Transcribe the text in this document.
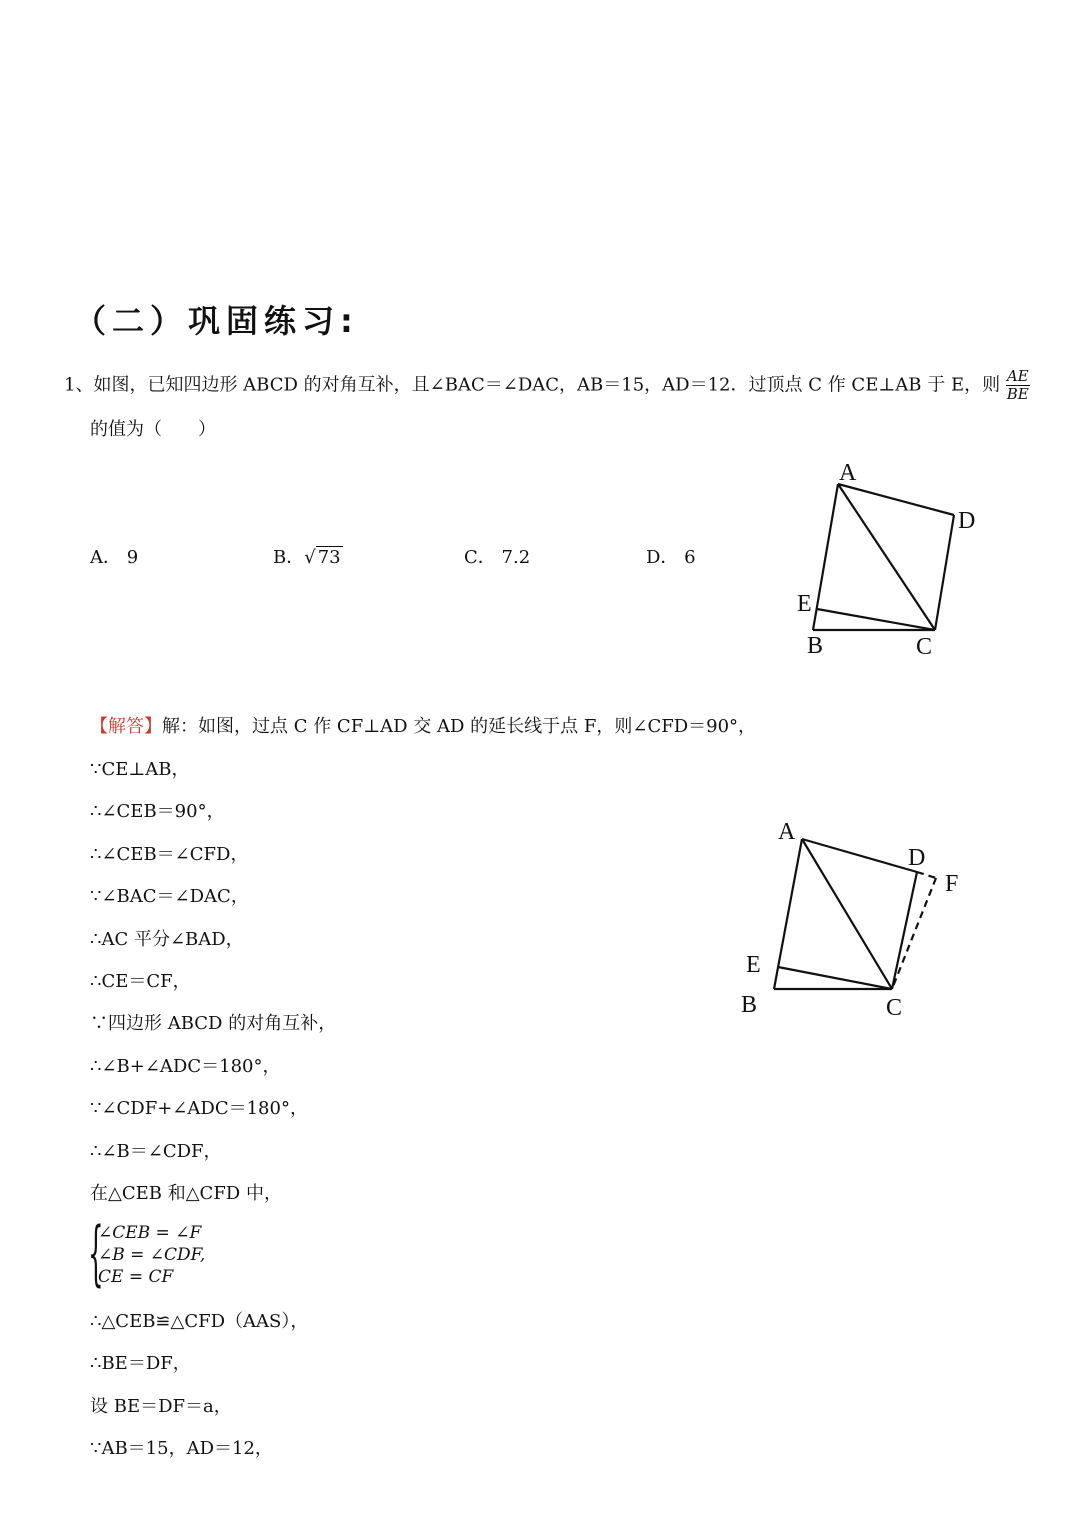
（二）巩固练习:
1、如图，已知四边形 ABCD 的对角互补，且∠BAC＝∠DAC，AB＝15，AD＝12．过顶点 C 作 CE⊥AB 于 E，则 $\frac{AE}{BE}$
的值为（　　）
A． 9	B．√ 73	C． 7.2	D． 6
A
D
E
B	C
【解答】解：如图，过点 C 作 CF⊥AD 交 AD 的延长线于点 F，则∠CFD＝90°，
∵CE⊥AB，
∴∠CEB＝90°，
∴∠CEB＝∠CFD，
∵∠BAC＝∠DAC，
∴AC 平分∠BAD，
∴CE＝CF，
∵四边形 ABCD 的对角互补，
∴∠B+∠ADC＝180°，
∵∠CDF+∠ADC＝180°，
∴∠B＝∠CDF，
在△CEB 和△CFD 中，
{
∠CEB = ∠F
∠B = ∠CDF,
CE = CF
∴△CEB≌△CFD（AAS），
∴BE＝DF，
设 BE＝DF＝a，
∵AB＝15，AD＝12，
A
D
F
E
B	C
